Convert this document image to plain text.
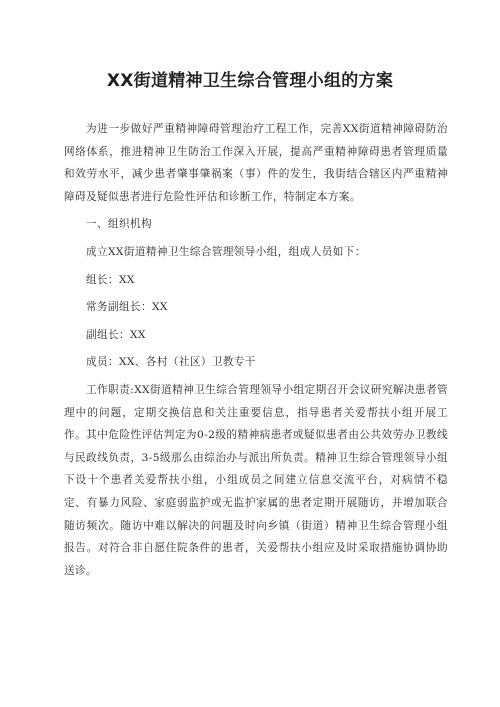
XX街道精神卫生综合管理小组的方案

为进一步做好严重精神障碍管理治疗工程工作，完善XX街道精神障碍防治网络体系，推进精神卫生防治工作深入开展，提高严重精神障碍患者管理质量和效劳水平，减少患者肇事肇祸案（事）件的发生，我街结合辖区内严重精神障碍及疑似患者进行危险性评估和诊断工作，特制定本方案。

一、组织机构

成立XX街道精神卫生综合管理领导小组，组成人员如下：

组长：XX

常务副组长：XX

副组长：XX

成员：XX、各村（社区）卫教专干

工作职责:XX街道精神卫生综合管理领导小组定期召开会议研究解决患者管理中的问题，定期交换信息和关注重要信息，指导患者关爱帮扶小组开展工作。其中危险性评估判定为0-2级的精神病患者或疑似患者由公共效劳办卫教线与民政线负责，3-5级那么由综治办与派出所负责。精神卫生综合管理领导小组下设十个患者关爱帮扶小组，小组成员之间建立信息交流平台，对病情不稳定、有暴力风险、家庭弱监护或无监护家属的患者定期开展随访，并增加联合随访频次。随访中难以解决的问题及时向乡镇（街道）精神卫生综合管理小组报告。对符合非自愿住院条件的患者，关爱帮扶小组应及时采取措施协调协助送诊。
